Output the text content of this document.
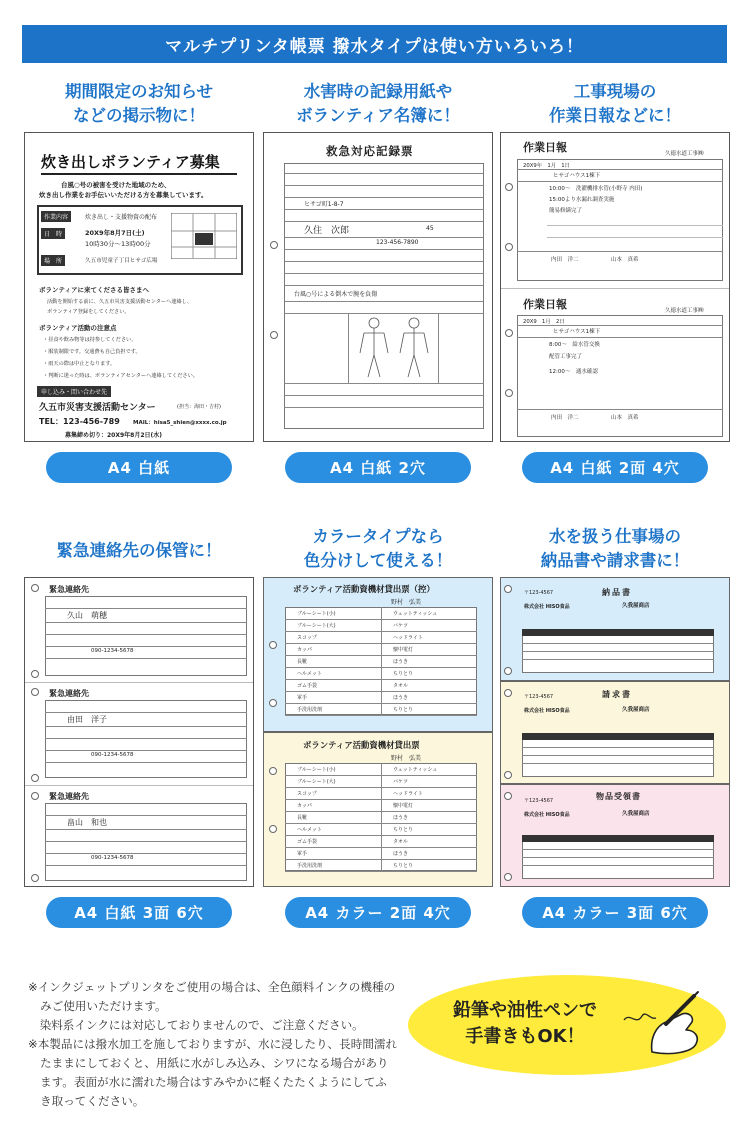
マルチプリンタ帳票 撥水タイプは使い方いろいろ！
期間限定のお知らせ
などの掲示物に！
炊き出しボランティア募集
台風○号の被害を受けた地域のため、
炊き出し作業をお手伝いいただける方を募集しています。
作業内容	炊き出し・支援物資の配布
日　時	20X9年8月7日(土)
10時30分〜13時00分
場　所	久五市児童子丁目ヒサゴ広場
ボランティアに来てくださる皆さまへ
活動を開始する前に、久五市災害支援活動センターへ連絡し、
ボランティア登録をしてください。
ボランティア活動の注意点
・昼食や飲み物等は持参してください。
・服装制限です。交通費も自己負担です。
・雨天の際は中止となります。
・判断に迷った時は、ボランティアセンターへ連絡してください。
申し込み・問い合わせ先
久五市災害支援活動センター	(担当：海田・吉村)
TEL：123-456-789 MAIL：hisa5_shien@xxxx.co.jp
募集締め切り：20X9年8月2日(水)
A4 白紙
水害時の記録用紙や
ボランティア名簿に！
救急対応記録票
ヒサゴ町1-8-7
久住　次郎	45
123-456-7890
台風○号による倒木で腕を負傷
A4 白紙 2穴
工事現場の
作業日報などに！
作業日報	久徳水道工事㈱
20X9年　1月　1日
ヒサゴハウス1棟下
10:00〜　洗濯機排水管(小野寺 内田)
15:00より水漏れ調査実施
簡易修繕完了
内田　洋二	山本　真希
作業日報	久徳水道工事㈱
20X9　1月　2日
ヒサゴハウス1棟下
8:00〜　給水管交換
配管工事完了
12:00〜　通水確認
内田　洋二	山本　真希
A4 白紙 2面 4穴
緊急連絡先の保管に！
緊急連絡先
久山　萌穂
090-1234-5678
緊急連絡先
由田　洋子
090-1234-5678
緊急連絡先
畠山　和也
090-1234-5678
A4 白紙 3面 6穴
カラータイプなら
色分けして使える！
ボランティア活動資機材貸出票（控）
野村　弘美
ブルーシート(小)	ウェットティッシュ
ブルーシート(大)	バケツ
スコップ	ヘッドライト
カッパ	懐中電灯
長靴	ほうき
ヘルメット	ちりとり
ゴム手袋	タオル
軍手	ほうき
手洗用洗剤	ちりとり
ボランティア活動資機材貸出票
野村　弘美
ブルーシート(小)	ウェットティッシュ
ブルーシート(大)	バケツ
スコップ	ヘッドライト
カッパ	懐中電灯
長靴	ほうき
ヘルメット	ちりとり
ゴム手袋	タオル
軍手	ほうき
手洗用洗剤	ちりとり
A4 カラー 2面 4穴
水を扱う仕事場の
納品書や請求書に！
納品書
〒123-4567
株式会社 HISO食品	久我屋商店
請求書
〒123-4567
株式会社 HISO食品	久我屋商店
物品受領書
〒123-4567
株式会社 HISO食品	久我屋商店
A4 カラー 3面 6穴

※インクジェットプリンタをご使用の場合は、全色顔料インクの機種のみご使用いただけます。

　染料系インクには対応しておりませんので、ご注意ください。

※本製品には撥水加工を施しておりますが、水に浸したり、長時間濡れたままにしておくと、用紙に水がしみ込み、シワになる場合があります。表面が水に濡れた場合はすみやかに軽くたたくようにしてふき取ってください。

鉛筆や油性ペンで
手書きもOK！
